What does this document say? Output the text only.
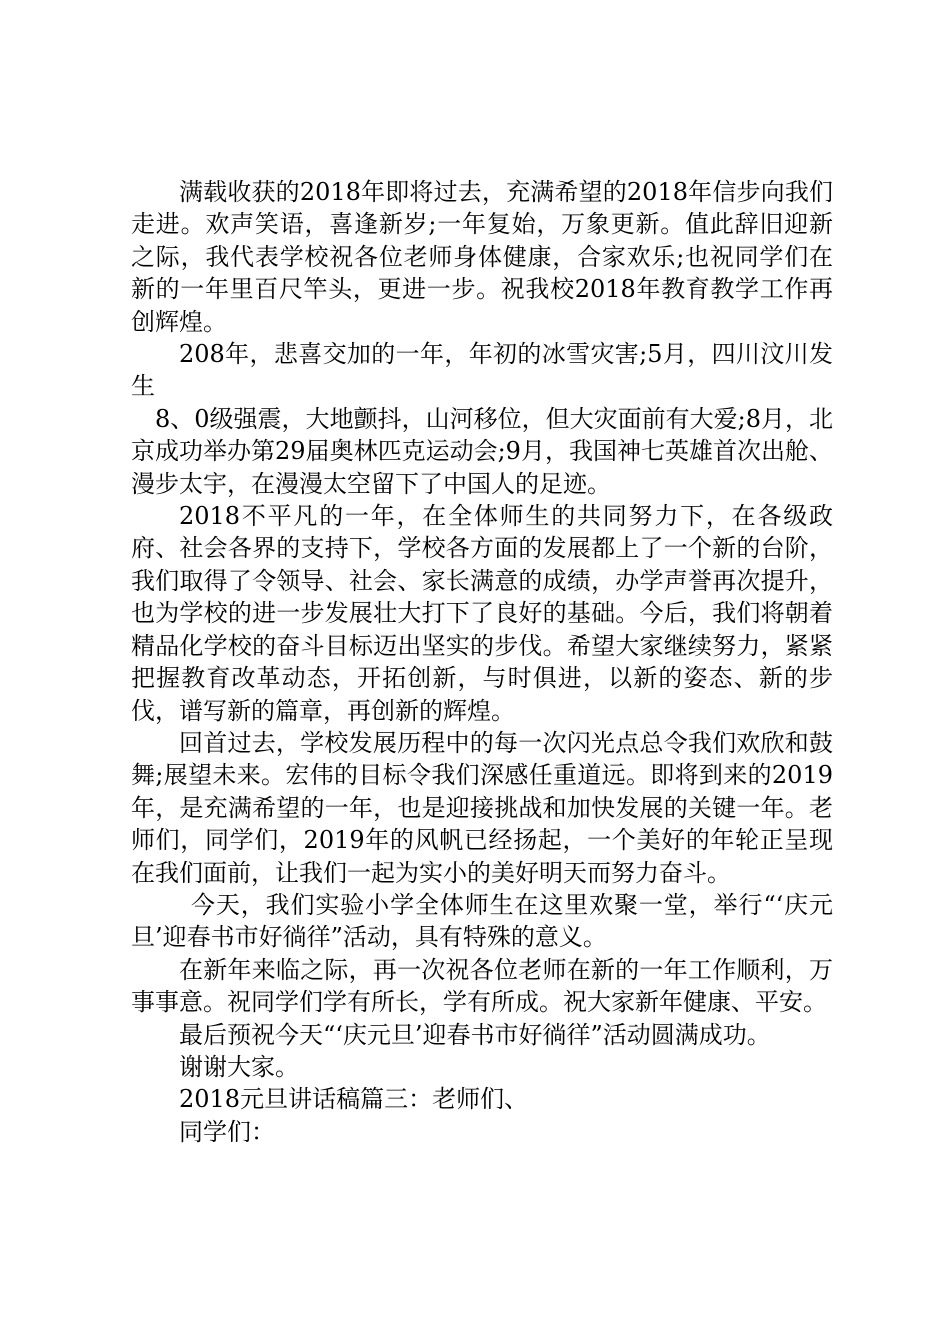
满载收获的2018年即将过去，充满希望的2018年信步向我们走进。欢声笑语，喜逢新岁;一年复始，万象更新。值此辞旧迎新之际，我代表学校祝各位老师身体健康，合家欢乐;也祝同学们在新的一年里百尺竿头，更进一步。祝我校2018年教育教学工作再创辉煌。

208年，悲喜交加的一年，年初的冰雪灾害;5月，四川汶川发生

8、0级强震，大地颤抖，山河移位，但大灾面前有大爱;8月，北京成功举办第29届奥林匹克运动会;9月，我国神七英雄首次出舱、漫步太宇，在漫漫太空留下了中国人的足迹。

2018不平凡的一年，在全体师生的共同努力下，在各级政府、社会各界的支持下，学校各方面的发展都上了一个新的台阶，我们取得了令领导、社会、家长满意的成绩，办学声誉再次提升，也为学校的进一步发展壮大打下了良好的基础。今后，我们将朝着精品化学校的奋斗目标迈出坚实的步伐。希望大家继续努力，紧紧把握教育改革动态，开拓创新，与时俱进，以新的姿态、新的步伐，谱写新的篇章，再创新的辉煌。

回首过去，学校发展历程中的每一次闪光点总令我们欢欣和鼓舞;展望未来。宏伟的目标令我们深感任重道远。即将到来的2019年，是充满希望的一年，也是迎接挑战和加快发展的关键一年。老师们，同学们，2019年的风帆已经扬起，一个美好的年轮正呈现在我们面前，让我们一起为实小的美好明天而努力奋斗。

今天，我们实验小学全体师生在这里欢聚一堂，举行“‘庆元旦’迎春书市好徜徉”活动，具有特殊的意义。

在新年来临之际，再一次祝各位老师在新的一年工作顺利，万事事意。祝同学们学有所长，学有所成。祝大家新年健康、平安。

最后预祝今天“‘庆元旦’迎春书市好徜徉”活动圆满成功。

谢谢大家。

2018元旦讲话稿篇三：老师们、

同学们：
